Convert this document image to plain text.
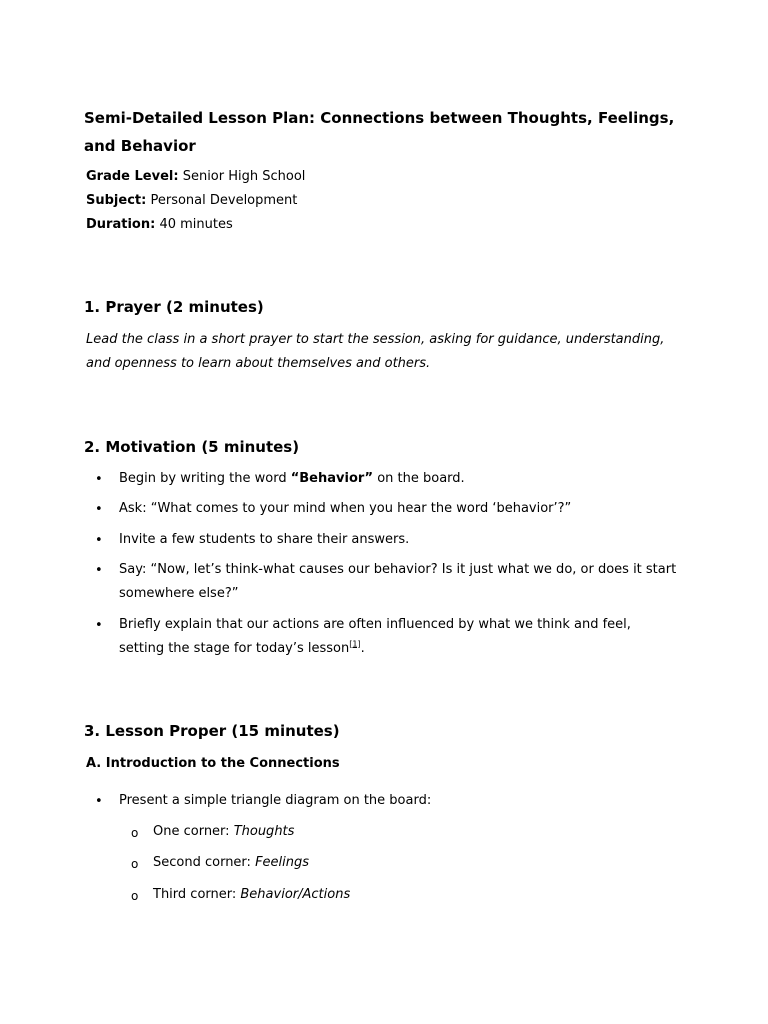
Semi-Detailed Lesson Plan: Connections between Thoughts, Feelings, and Behavior
Grade Level: Senior High School
Subject: Personal Development
Duration: 40 minutes
1. Prayer (2 minutes)
Lead the class in a short prayer to start the session, asking for guidance, understanding, and openness to learn about themselves and others.
2. Motivation (5 minutes)
• Begin by writing the word “Behavior” on the board.
• Ask: “What comes to your mind when you hear the word ‘behavior’?”
• Invite a few students to share their answers.
• Say: “Now, let’s think-what causes our behavior? Is it just what we do, or does it start somewhere else?”
• Briefly explain that our actions are often influenced by what we think and feel, setting the stage for today’s lesson[1].
3. Lesson Proper (15 minutes)
A. Introduction to the Connections
• Present a simple triangle diagram on the board:
o One corner: Thoughts
o Second corner: Feelings
o Third corner: Behavior/Actions
